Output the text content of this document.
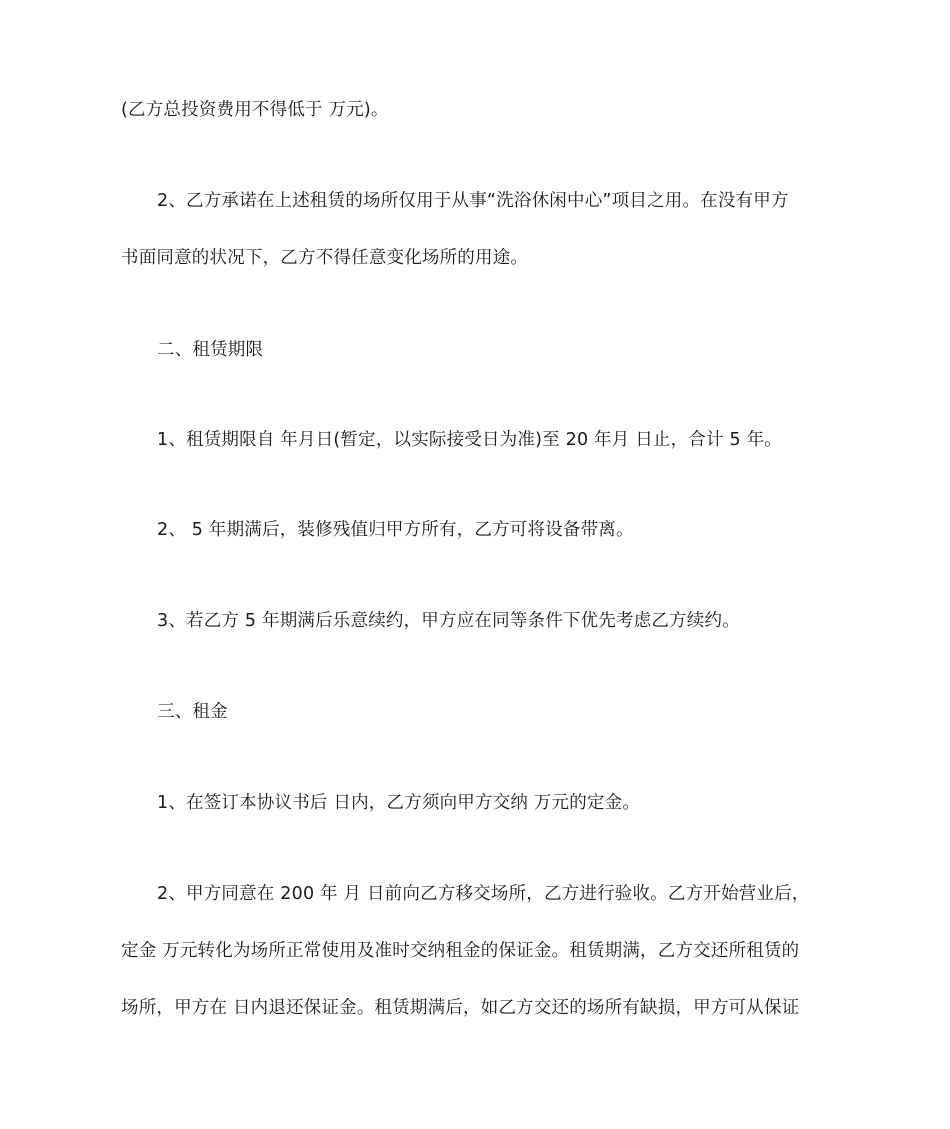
(乙方总投资费用不得低于 万元)。
2、乙方承诺在上述租赁的场所仅用于从事“洗浴休闲中心”项目之用。在没有甲方
书面同意的状况下，乙方不得任意变化场所的用途。
二、租赁期限
1、租赁期限自 年月日(暂定，以实际接受日为准)至 20 年月 日止，合计 5 年。
2、 5 年期满后，装修残值归甲方所有，乙方可将设备带离。
3、若乙方 5 年期满后乐意续约，甲方应在同等条件下优先考虑乙方续约。
三、租金
1、在签订本协议书后 日内，乙方须向甲方交纳 万元的定金。
2、甲方同意在 200 年 月 日前向乙方移交场所，乙方进行验收。乙方开始营业后，
定金 万元转化为场所正常使用及准时交纳租金的保证金。租赁期满，乙方交还所租赁的
场所，甲方在 日内退还保证金。租赁期满后，如乙方交还的场所有缺损，甲方可从保证
